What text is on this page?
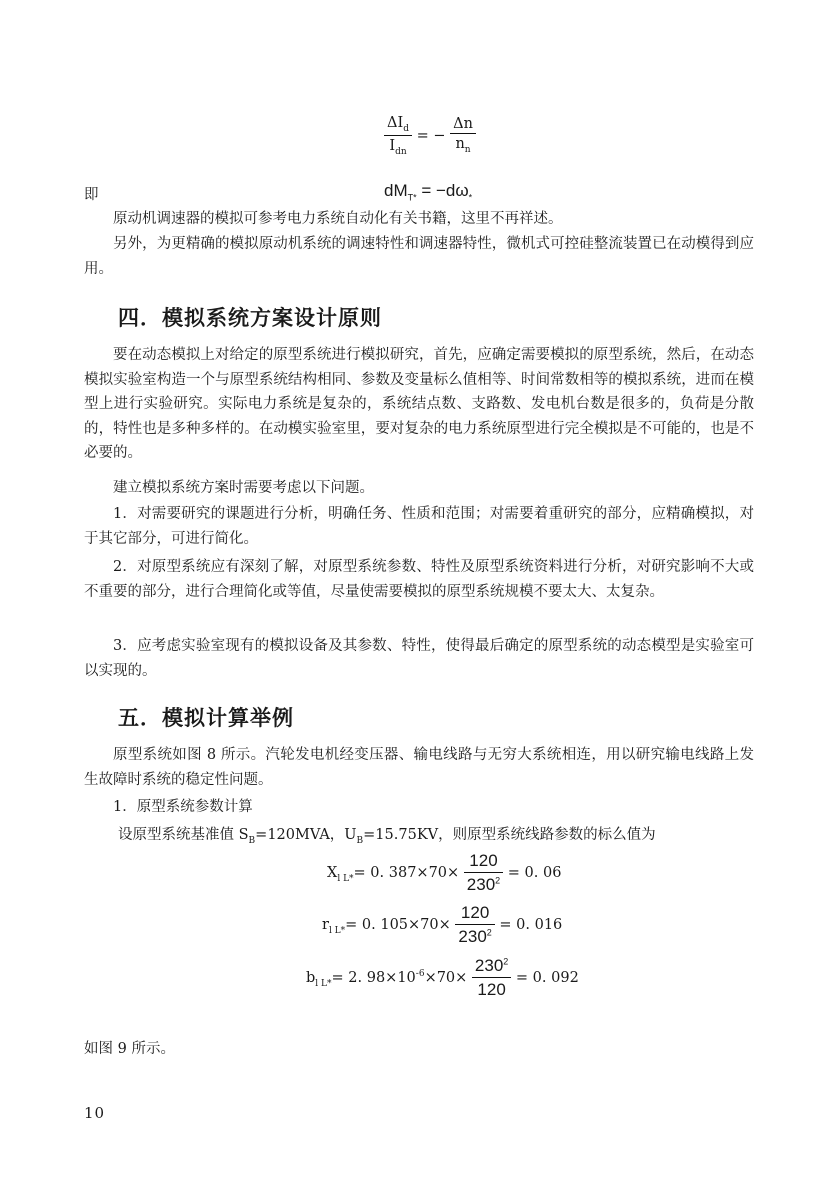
$\frac{\Delta I_d}{I_{dn}}$ = − $\frac{\Delta n}{n_n}$
即	$dM_{T*} = -d\omega_*$

原动机调速器的模拟可参考电力系统自动化有关书籍，这里不再祥述。

另外，为更精确的模拟原动机系统的调速特性和调速器特性，微机式可控硅整流装置已在动模得到应用。

四．模拟系统方案设计原则

要在动态模拟上对给定的原型系统进行模拟研究，首先，应确定需要模拟的原型系统，然后，在动态模拟实验室构造一个与原型系统结构相同、参数及变量标么值相等、时间常数相等的模拟系统，进而在模型上进行实验研究。实际电力系统是复杂的，系统结点数、支路数、发电机台数是很多的，负荷是分散的，特性也是多种多样的。在动模实验室里，要对复杂的电力系统原型进行完全模拟是不可能的，也是不必要的。

建立模拟系统方案时需要考虑以下问题。

1．对需要研究的课题进行分析，明确任务、性质和范围；对需要着重研究的部分，应精确模拟，对于其它部分，可进行简化。

2．对原型系统应有深刻了解，对原型系统参数、特性及原型系统资料进行分析，对研究影响不大或不重要的部分，进行合理简化或等值，尽量使需要模拟的原型系统规模不要太大、太复杂。

3．应考虑实验室现有的模拟设备及其参数、特性，使得最后确定的原型系统的动态模型是实验室可以实现的。

五．模拟计算举例

原型系统如图 8 所示。汽轮发电机经变压器、输电线路与无穷大系统相连，用以研究输电线路上发生故障时系统的稳定性问题。

1．原型系统参数计算

设原型系统基准值 $S_B=120MVA$，$U_B=15.75KV$，则原型系统线路参数的标么值为
$X_{l L*}= 0$. $387\times 70\times \frac{120}{230^2} = 0$. 06
$r_{l L*}= 0$. $105\times 70\times \frac{120}{230^2} = 0$. 016
$b_{l L*}= 2$. $98\times 10^{-6}\times 70\times \frac{230^2}{120} = 0$. 092

如图 9 所示。

10
